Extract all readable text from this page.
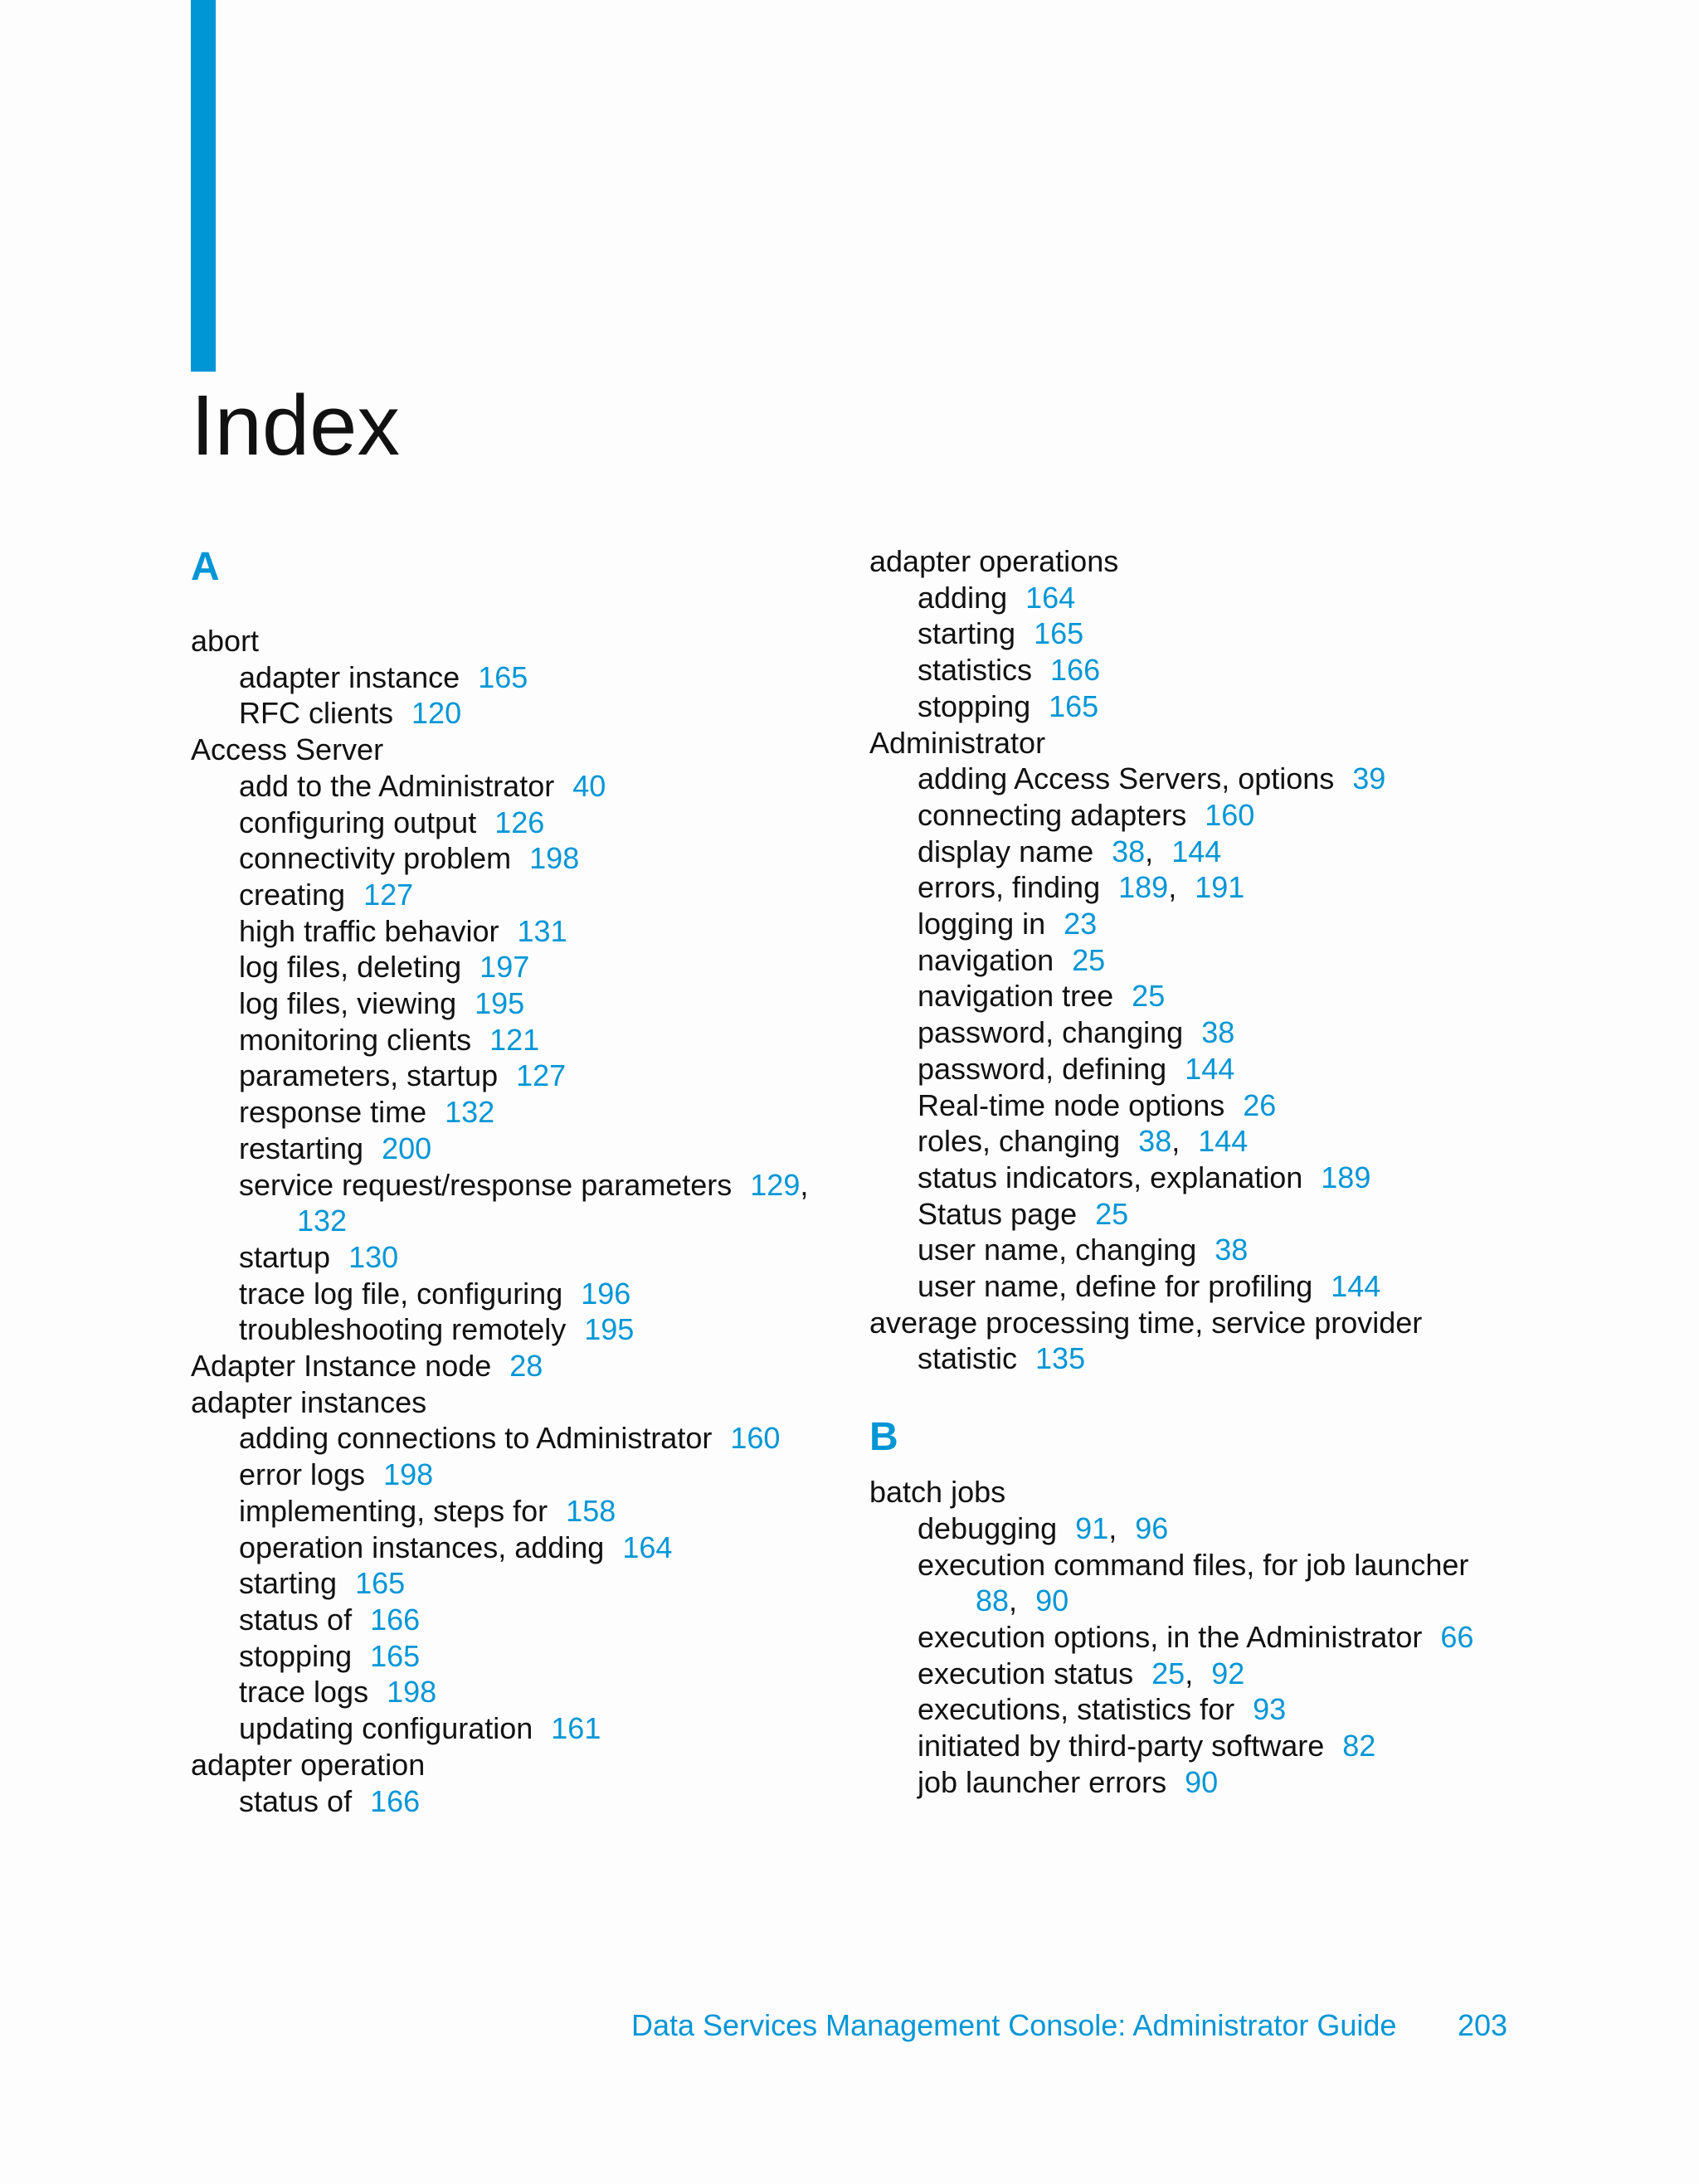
Index
A
abort
adapter instance 165
RFC clients 120
Access Server
add to the Administrator 40
configuring output 126
connectivity problem 198
creating 127
high traffic behavior 131
log files, deleting 197
log files, viewing 195
monitoring clients 121
parameters, startup 127
response time 132
restarting 200
service request/response parameters 129,
132
startup 130
trace log file, configuring 196
troubleshooting remotely 195
Adapter Instance node 28
adapter instances
adding connections to Administrator 160
error logs 198
implementing, steps for 158
operation instances, adding 164
starting 165
status of 166
stopping 165
trace logs 198
updating configuration 161
adapter operation
status of 166
adapter operations
adding 164
starting 165
statistics 166
stopping 165
Administrator
adding Access Servers, options 39
connecting adapters 160
display name 38, 144
errors, finding 189, 191
logging in 23
navigation 25
navigation tree 25
password, changing 38
password, defining 144
Real-time node options 26
roles, changing 38, 144
status indicators, explanation 189
Status page 25
user name, changing 38
user name, define for profiling 144
average processing time, service provider
statistic 135
B
batch jobs
debugging 91, 96
execution command files, for job launcher
88, 90
execution options, in the Administrator 66
execution status 25, 92
executions, statistics for 93
initiated by third-party software 82
job launcher errors 90
Data Services Management Console: Administrator Guide 203
